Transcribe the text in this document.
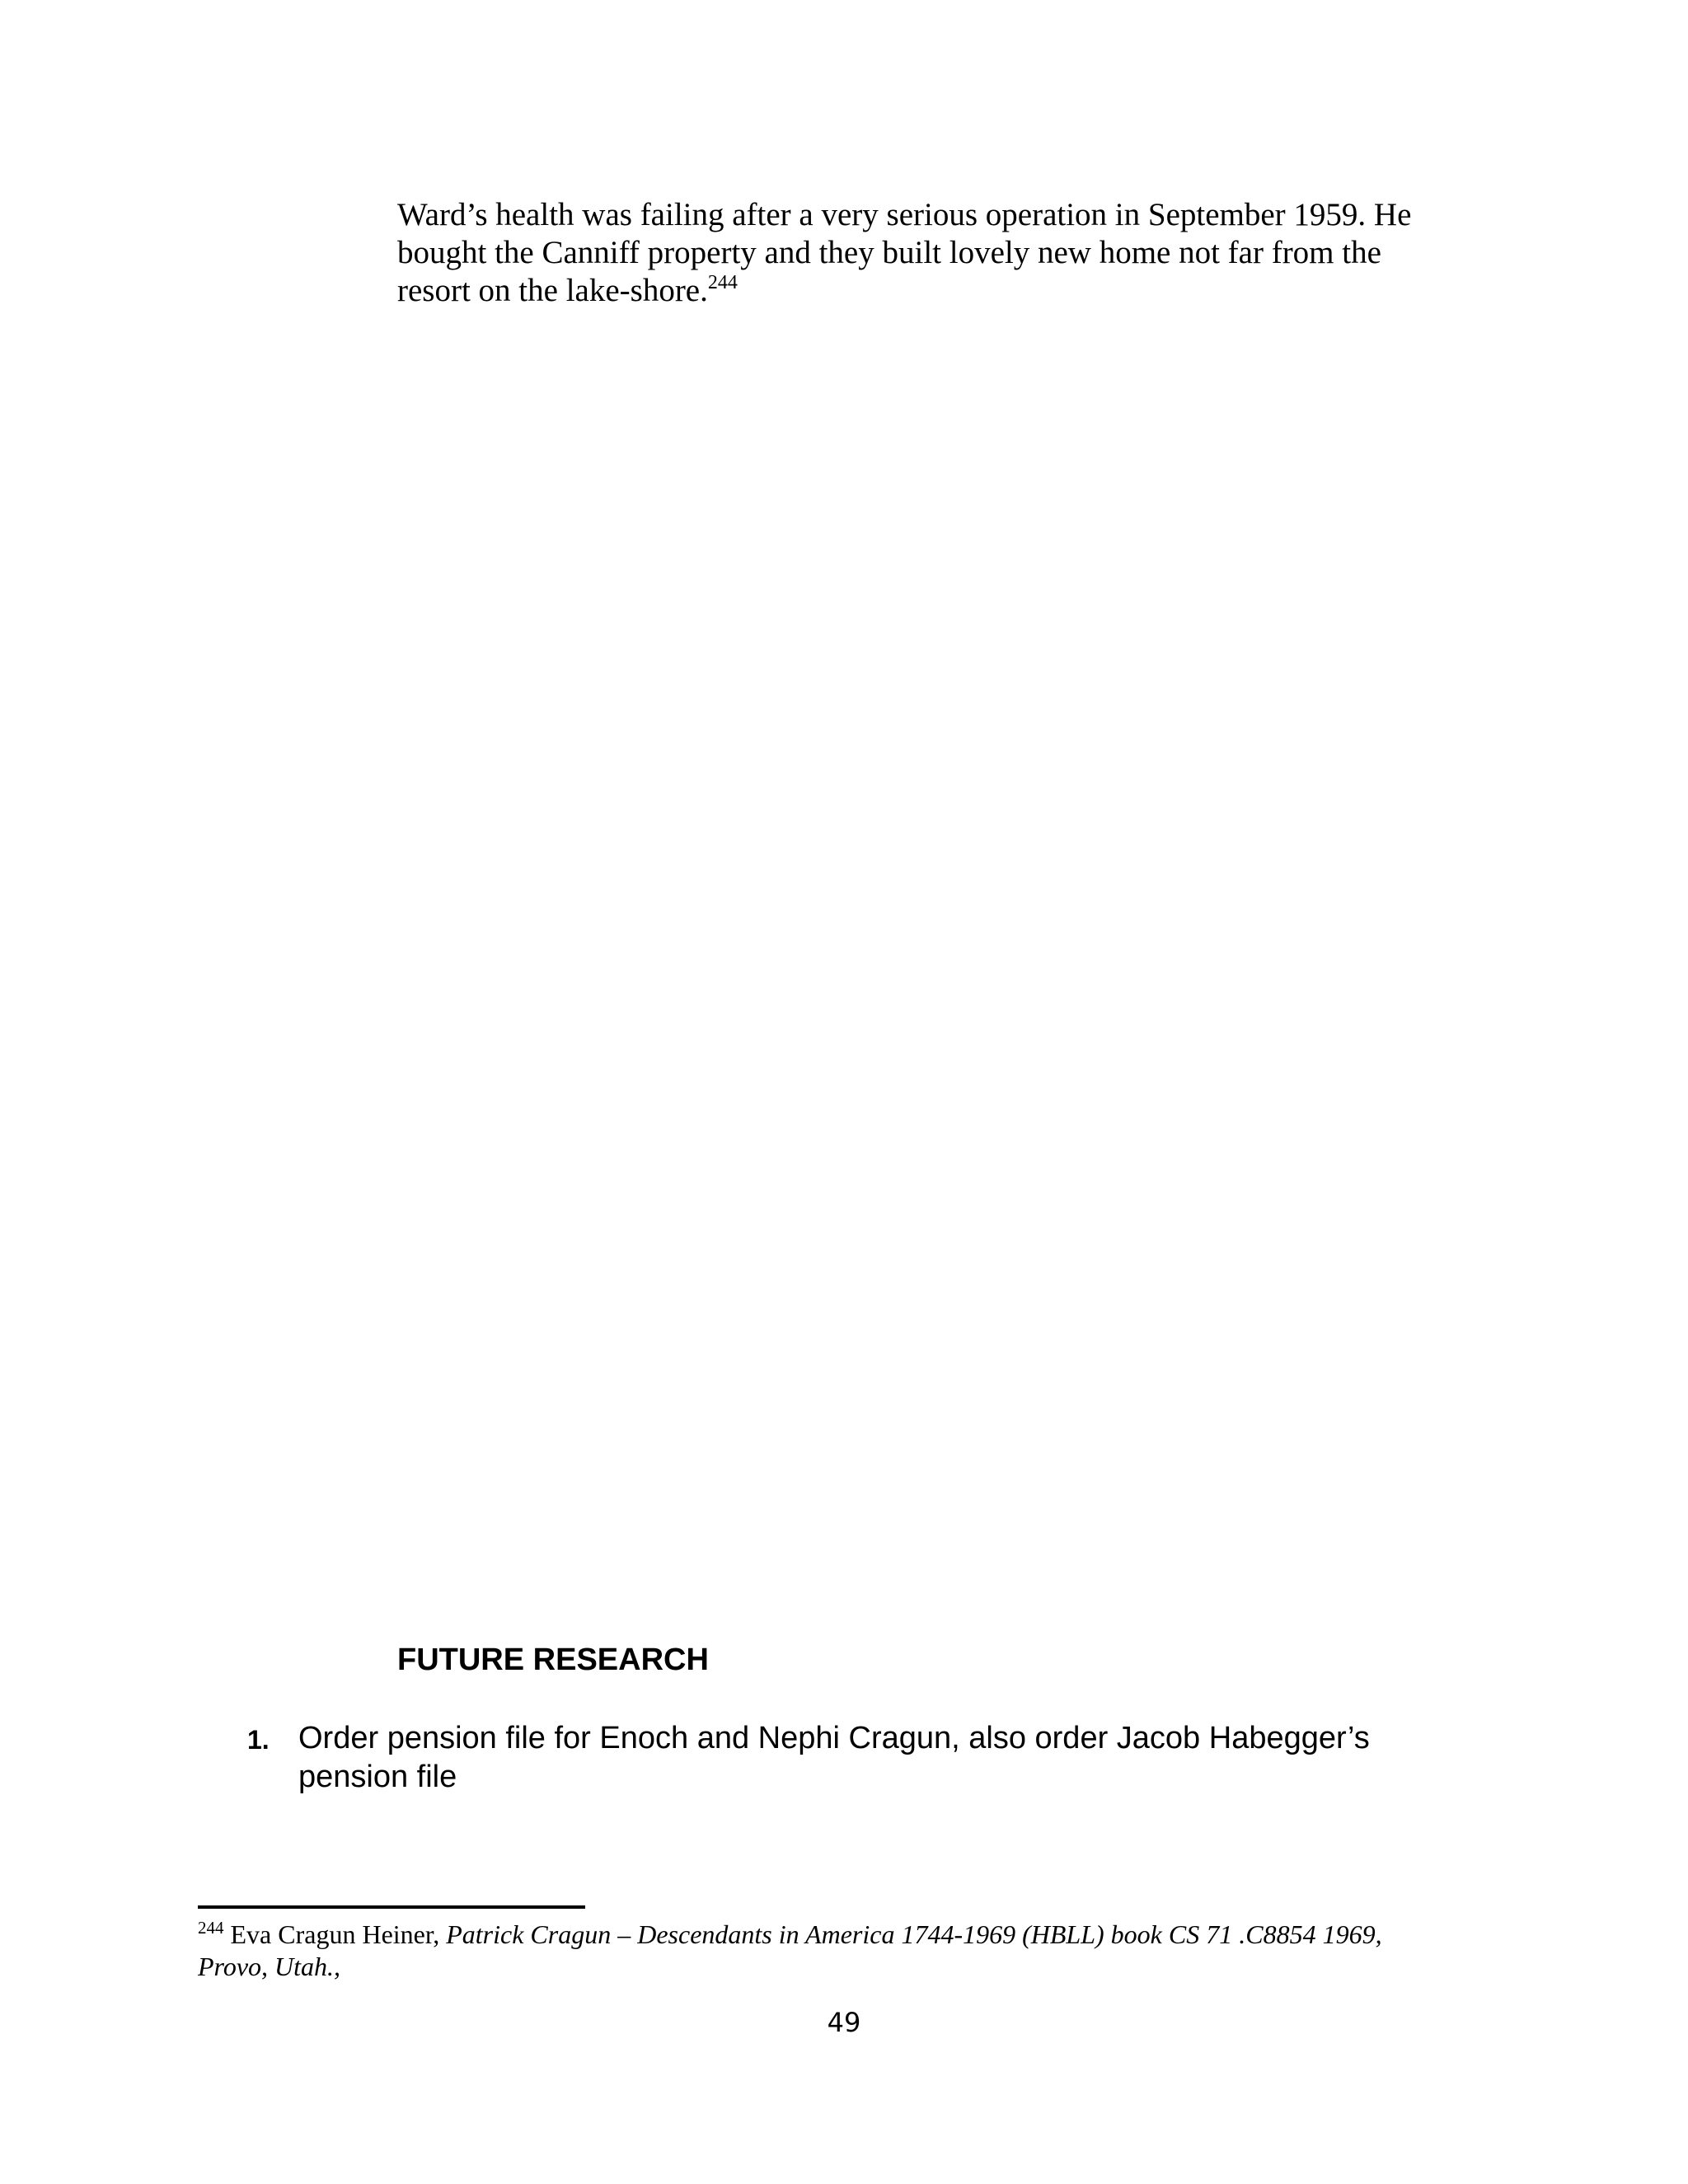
Ward’s health was failing after a very serious operation in September 1959. He
bought the Canniff property and they built lovely new home not far from the
resort on the lake-shore.$^{244}$

FUTURE RESEARCH
1. Order pension file for Enoch and Nephi Cragun, also order Jacob Habegger’s
pension file
$^{244}$ Eva Cragun Heiner, Patrick Cragun – Descendants in America 1744-1969 (HBLL) book CS 71 .C8854 1969,
Provo, Utah.,
49
